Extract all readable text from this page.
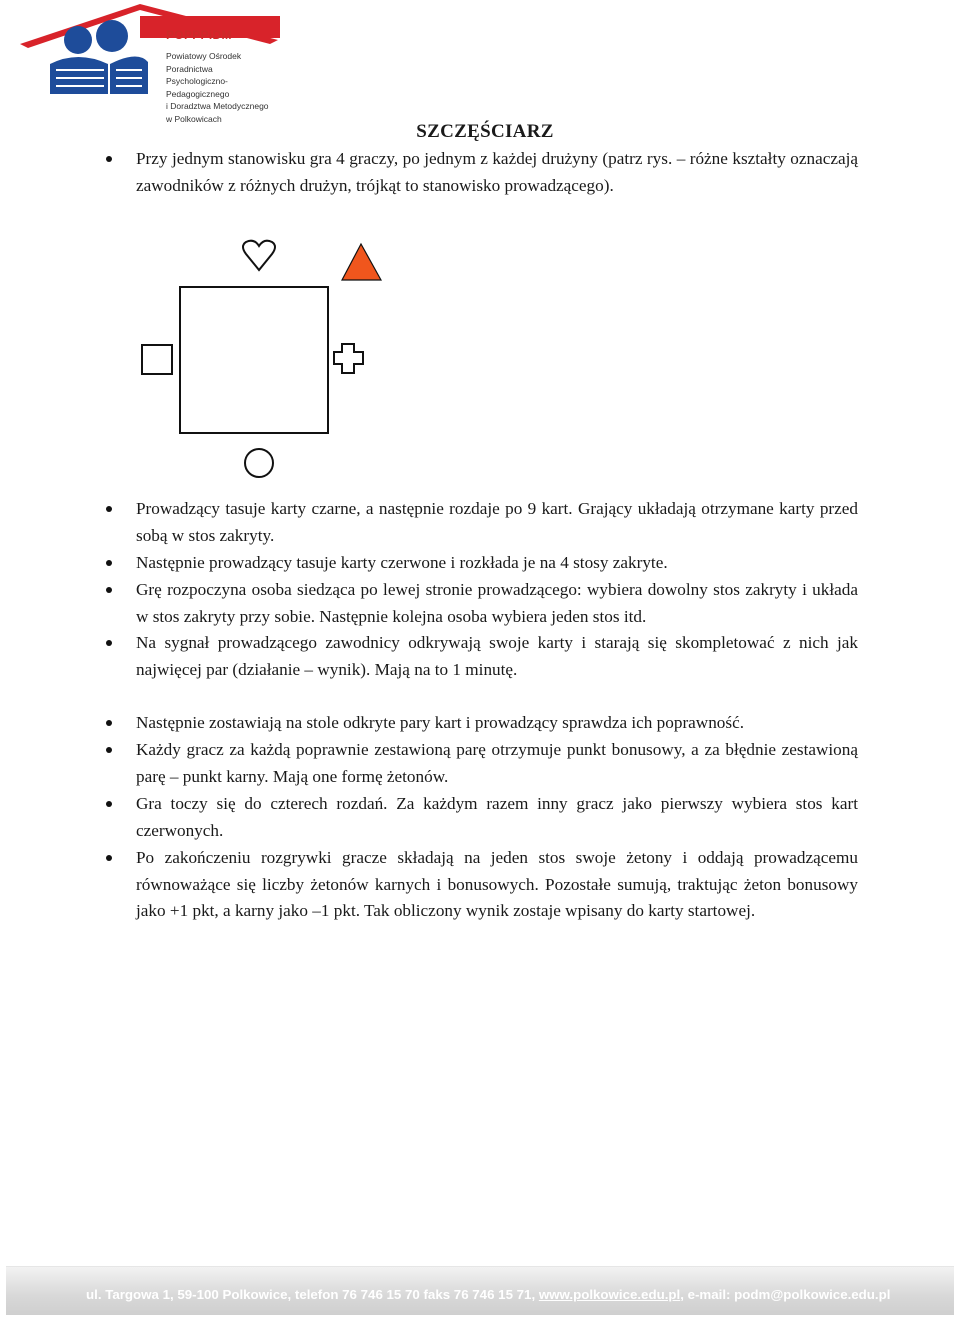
POPPPiDM
Powiatowy Ośrodek Poradnictwa
Psychologiczno-Pedagogicznego
i Doradztwa Metodycznego
w Polkowicach
SZCZĘŚCIARZ
Przy jednym stanowisku gra 4 graczy, po jednym z każdej drużyny (patrz rys. – różne kształty oznaczają zawodników z różnych drużyn, trójkąt to stanowisko prowadzącego).
Prowadzący tasuje karty czarne, a następnie rozdaje po 9 kart. Grający układają otrzymane karty przed sobą w stos zakryty.
Następnie prowadzący tasuje karty czerwone i rozkłada je na 4 stosy zakryte.
Grę rozpoczyna osoba siedząca po lewej stronie prowadzącego: wybiera dowolny stos zakryty i układa w stos zakryty przy sobie. Następnie kolejna osoba wybiera jeden stos itd.
Na sygnał prowadzącego zawodnicy odkrywają swoje karty i starają się skompletować z nich jak najwięcej par (działanie – wynik). Mają na to 1 minutę.
Następnie zostawiają na stole odkryte pary kart i prowadzący sprawdza ich poprawność.
Każdy gracz za każdą poprawnie zestawioną parę otrzymuje punkt bonusowy, a za błędnie zestawioną parę – punkt karny. Mają one formę żetonów.
Gra toczy się do czterech rozdań. Za każdym razem inny gracz jako pierwszy wybiera stos kart czerwonych.
Po zakończeniu rozgrywki gracze składają na jeden stos swoje żetony i oddają prowadzącemu równoważące się liczby żetonów karnych i bonusowych. Pozostałe sumują, traktując żeton bonusowy jako +1 pkt, a karny jako –1 pkt. Tak obliczony wynik zostaje wpisany do karty startowej.
ul. Targowa 1, 59-100 Polkowice, telefon 76 746 15 70 faks 76 746 15 71, www.polkowice.edu.pl, e-mail: podm@polkowice.edu.pl
